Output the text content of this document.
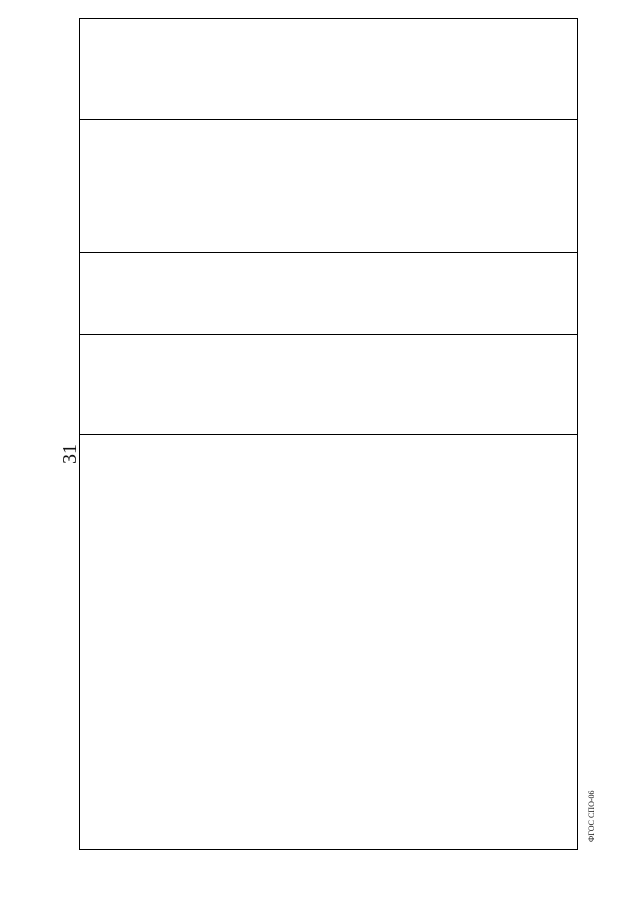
31
ФГОС СПО-06
